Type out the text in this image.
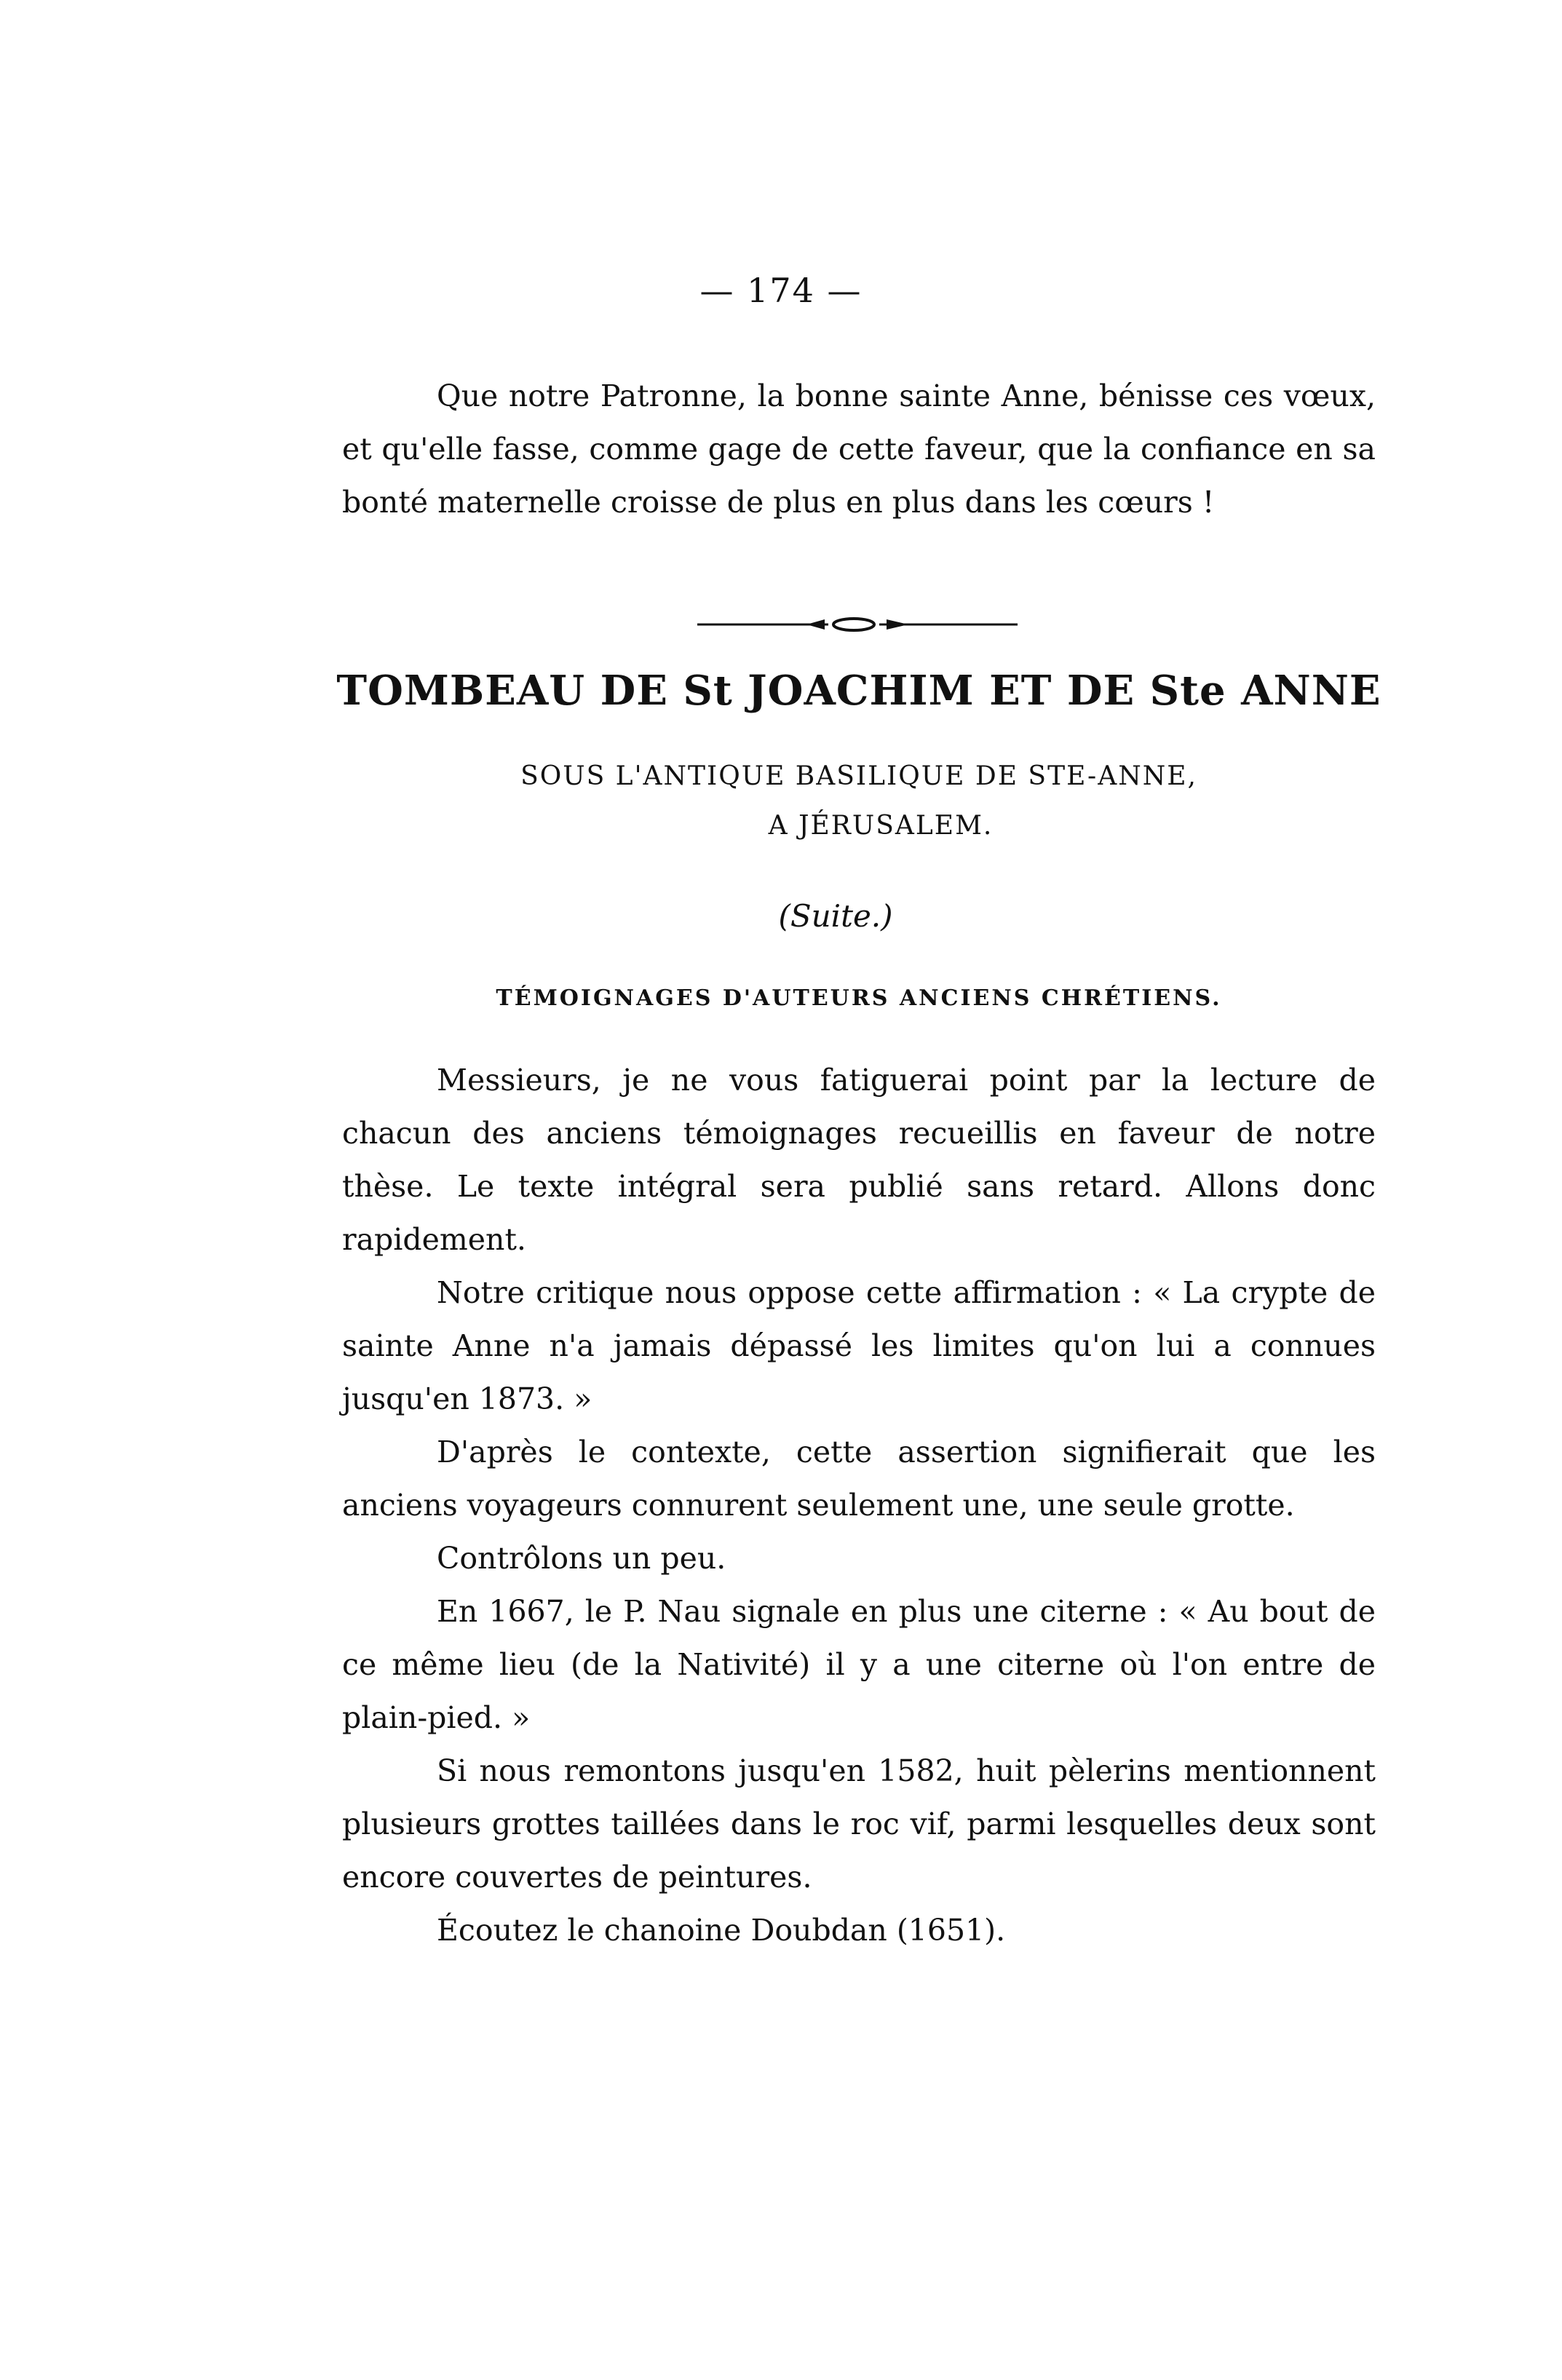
— 174 —

Que notre Patronne, la bonne sainte Anne, bénisse ces vœux, et qu'elle fasse, comme gage de cette faveur, que la confiance en sa bonté maternelle croisse de plus en plus dans les cœurs !

TOMBEAU DE St JOACHIM ET DE Ste ANNE
SOUS L'ANTIQUE BASILIQUE DE STE-ANNE,
A JÉRUSALEM.
(Suite.)
TÉMOIGNAGES D'AUTEURS ANCIENS CHRÉTIENS.

Messieurs, je ne vous fatiguerai point par la lecture de chacun des anciens témoignages recueillis en faveur de notre thèse. Le texte intégral sera publié sans retard. Allons donc rapidement.

Notre critique nous oppose cette affirmation : « La crypte de sainte Anne n'a jamais dépassé les limites qu'on lui a connues jusqu'en 1873. »

D'après le contexte, cette assertion signifierait que les anciens voyageurs connurent seulement une, une seule grotte.

Contrôlons un peu.

En 1667, le P. Nau signale en plus une citerne : « Au bout de ce même lieu (de la Nativité) il y a une citerne où l'on entre de plain-pied. »

Si nous remontons jusqu'en 1582, huit pèlerins mentionnent plusieurs grottes taillées dans le roc vif, parmi lesquelles deux sont encore couvertes de peintures.

Écoutez le chanoine Doubdan (1651).
